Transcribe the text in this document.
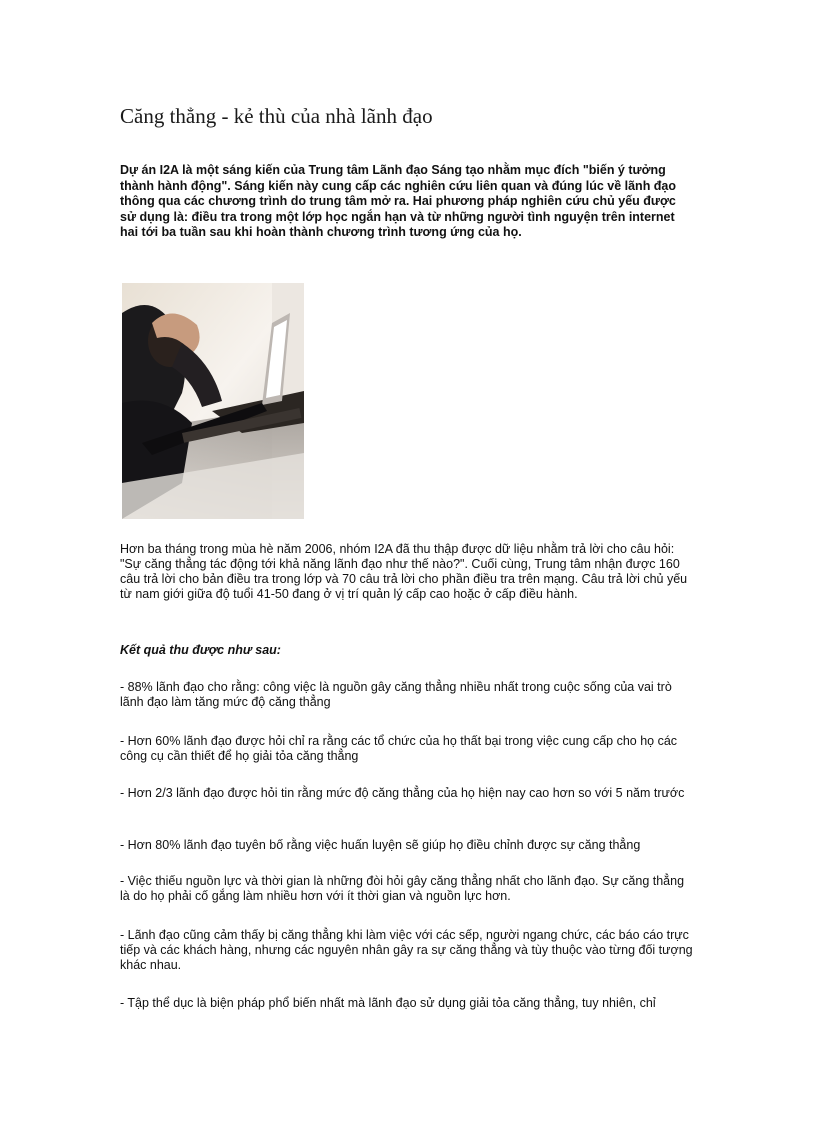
Căng thẳng - kẻ thù của nhà lãnh đạo

Dự án I2A là một sáng kiến của Trung tâm Lãnh đạo Sáng tạo nhằm mục đích "biến ý tưởng thành hành động". Sáng kiến này cung cấp các nghiên cứu liên quan và đúng lúc về lãnh đạo thông qua các chương trình do trung tâm mở ra. Hai phương pháp nghiên cứu chủ yếu được sử dụng là: điều tra trong một lớp học ngắn hạn và từ những người tình nguyện trên internet hai tới ba tuần sau khi hoàn thành chương trình tương ứng của họ.

Hơn ba tháng trong mùa hè năm 2006, nhóm I2A đã thu thập được dữ liệu nhằm trả lời cho câu hỏi: "Sự căng thẳng tác động tới khả năng lãnh đạo như thế nào?". Cuối cùng, Trung tâm nhận được 160 câu trả lời cho bản điều tra trong lớp và 70 câu trả lời cho phần điều tra trên mạng. Câu trả lời chủ yếu từ nam giới giữa độ tuổi 41-50 đang ở vị trí quản lý cấp cao hoặc ở cấp điều hành.

Kết quả thu được như sau:

- 88% lãnh đạo cho rằng: công việc là nguồn gây căng thẳng nhiều nhất trong cuộc sống của vai trò lãnh đạo làm tăng mức độ căng thẳng

- Hơn 60% lãnh đạo được hỏi chỉ ra rằng các tổ chức của họ thất bại trong việc cung cấp cho họ các công cụ cần thiết để họ giải tỏa căng thẳng

- Hơn 2/3 lãnh đạo được hỏi tin rằng mức độ căng thẳng của họ hiện nay cao hơn so với 5 năm trước

- Hơn 80% lãnh đạo tuyên bố rằng việc huấn luyện sẽ giúp họ điều chỉnh được sự căng thẳng

- Việc thiếu nguồn lực và thời gian là những đòi hỏi gây căng thẳng nhất cho lãnh đạo. Sự căng thẳng là do họ phải cố gắng làm nhiều hơn với ít thời gian và nguồn lực hơn.

- Lãnh đạo cũng cảm thấy bị căng thẳng khi làm việc với các sếp, người ngang chức, các báo cáo trực tiếp và các khách hàng, nhưng các nguyên nhân gây ra sự căng thẳng và tùy thuộc vào từng đối tượng khác nhau.

- Tập thể dục là biện pháp phổ biến nhất mà lãnh đạo sử dụng giải tỏa căng thẳng, tuy nhiên, chỉ
